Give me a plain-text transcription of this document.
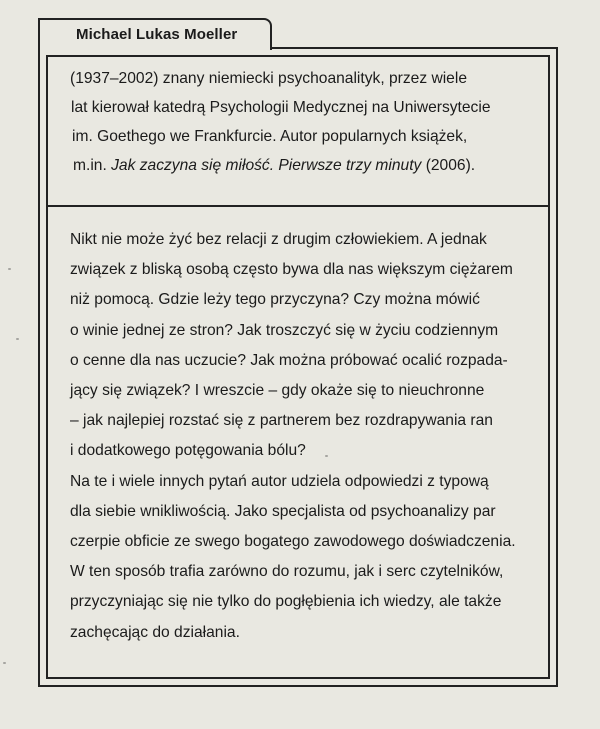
Michael Lukas Moeller
(1937–2002) znany niemiecki psychoanalityk, przez wiele
lat kierował katedrą Psychologii Medycznej na Uniwersytecie
im. Goethego we Frankfurcie. Autor popularnych książek,
m.in. Jak zaczyna się miłość. Pierwsze trzy minuty (2006).
Nikt nie może żyć bez relacji z drugim człowiekiem. A jednak
związek z bliską osobą często bywa dla nas większym ciężarem
niż pomocą. Gdzie leży tego przyczyna? Czy można mówić
o winie jednej ze stron? Jak troszczyć się w życiu codziennym
o cenne dla nas uczucie? Jak można próbować ocalić rozpada-
jący się związek? I wreszcie – gdy okaże się to nieuchronne
– jak najlepiej rozstać się z partnerem bez rozdrapywania ran
i dodatkowego potęgowania bólu?
Na te i wiele innych pytań autor udziela odpowiedzi z typową
dla siebie wnikliwością. Jako specjalista od psychoanalizy par
czerpie obficie ze swego bogatego zawodowego doświadczenia.
W ten sposób trafia zarówno do rozumu, jak i serc czytelników,
przyczyniając się nie tylko do pogłębienia ich wiedzy, ale także
zachęcając do działania.
